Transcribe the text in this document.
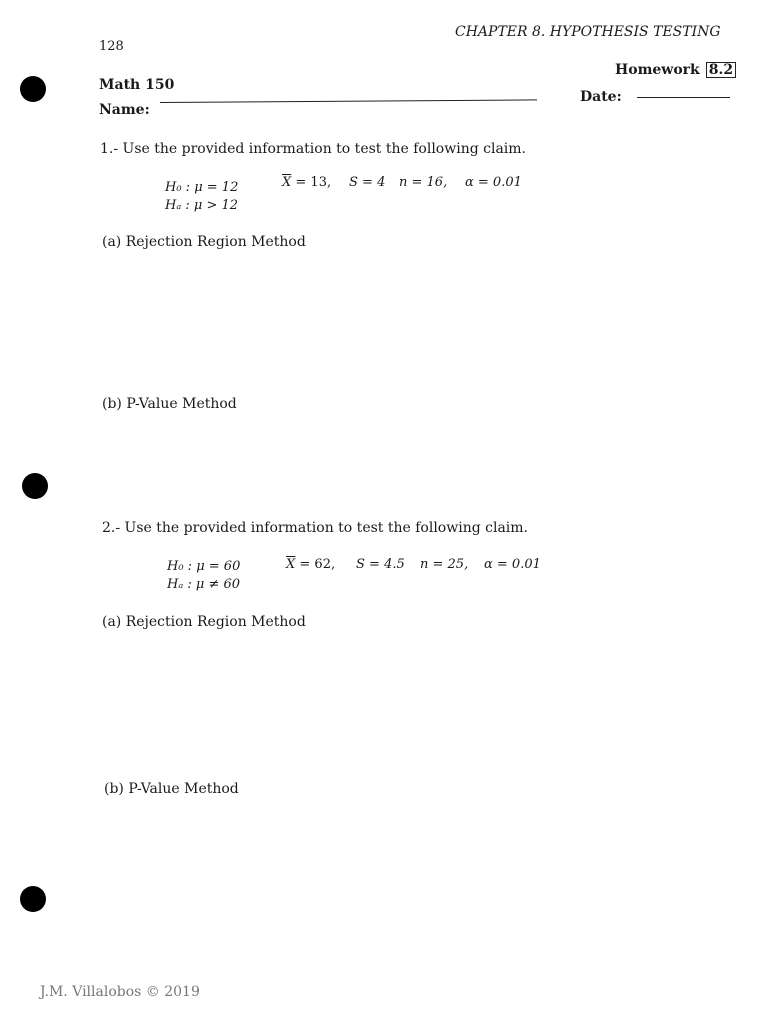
128
CHAPTER 8. HYPOTHESIS TESTING
Math 150
Homework 8.2
Name:
Date:
1.- Use the provided information to test the following claim.
H₀ : μ = 12
Hₐ : μ > 12
$\overline{X} = 13$, S = 4 n = 16, α = 0.01
(a) Rejection Region Method
(b) P-Value Method
2.- Use the provided information to test the following claim.
H₀ : μ = 60
Hₐ : μ ≠ 60
$\overline{X} = 62$, S = 4.5 n = 25, α = 0.01
(a) Rejection Region Method
(b) P-Value Method
J.M. Villalobos © 2019
